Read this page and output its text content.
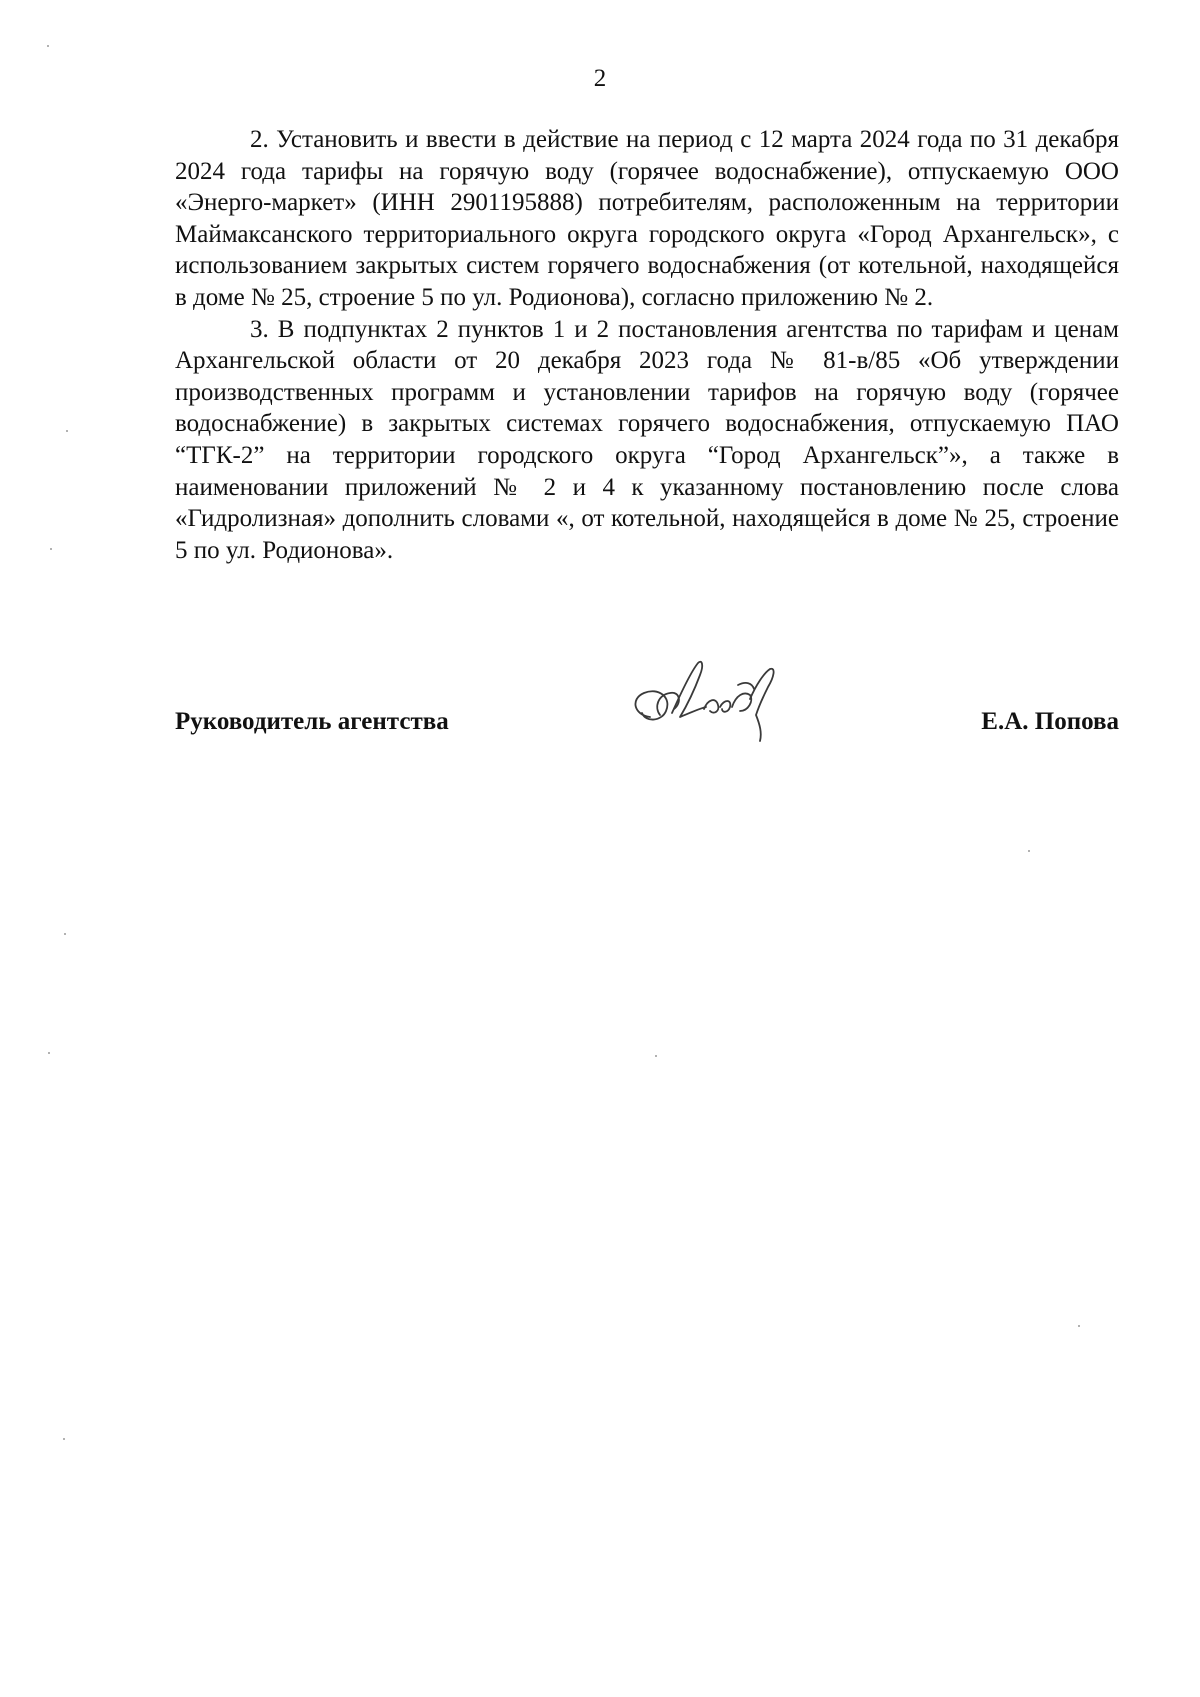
2

2. Установить и ввести в действие на период с 12 марта 2024 года по 31 декабря 2024 года тарифы на горячую воду (горячее водоснабжение), отпускаемую ООО «Энерго-маркет» (ИНН 2901195888) потребителям, расположенным на территории Маймаксанского территориального округа городского округа «Город Архангельск», с использованием закрытых систем горячего водоснабжения (от котельной, находящейся в доме № 25, строение 5 по ул. Родионова), согласно приложению № 2.

3. В подпунктах 2 пунктов 1 и 2 постановления агентства по тарифам и ценам Архангельской области от 20 декабря 2023 года № 81-в/85 «Об утверждении производственных программ и установлении тарифов на горячую воду (горячее водоснабжение) в закрытых системах горячего водоснабжения, отпускаемую ПАО “ТГК-2” на территории городского округа “Город Архангельск”», а также в наименовании приложений № 2 и 4 к указанному постановлению после слова «Гидролизная» дополнить словами «, от котельной, находящейся в доме № 25, строение 5 по ул. Родионова».

Руководитель агентства	Е.А. Попова
